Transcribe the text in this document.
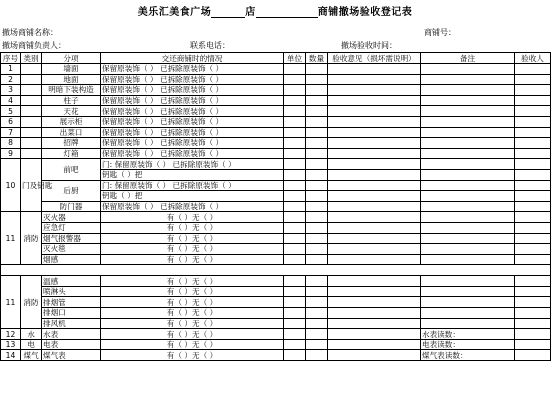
美乐汇美食广场	店	商铺撤场验收登记表
撤场商铺名称：	商铺号：
撤场商铺负责人：	联系电话：	撤场验收时间：
序号	类别	分项	交还商铺时的情况	单位	数量	验收意见（损坏需说明）	备注	验收人
1		墙面	保留原装饰（ ） 已拆除原装饰（ ）					
2		地面	保留原装饰（ ） 已拆除原装饰（ ）					
3		明暗下装构造	保留原装饰（ ） 已拆除原装饰（ ）					
4		柱子	保留原装饰（ ） 已拆除原装饰（ ）					
5		天花	保留原装饰（ ） 已拆除原装饰（ ）					
6		展示柜	保留原装饰（ ） 已拆除原装饰（ ）					
7		出菜口	保留原装饰（ ） 已拆除原装饰（ ）					
8		招牌	保留原装饰（ ） 已拆除原装饰（ ）					
9		灯箱	保留原装饰（ ） 已拆除原装饰（ ）					
10	门及钥匙	前吧	门: 保留原装饰（ ） 已拆除原装饰（ ）					
			钥匙（ ）把					
		后厨	门: 保留原装饰（ ） 已拆除原装饰（ ）					
			钥匙（ ）把					
		防门器	保留原装饰（ ） 已拆除原装饰（ ）					
11	消防	灭火器	有（ ）无（ ）					
		应急灯	有（ ）无（ ）					
		烟气报警器	有（ ）无（ ）					
		灭火毯	有（ ）无（ ）					
		烟感	有（ ）无（ ）					

11	消防	温感	有（ ）无（ ）					
		喷淋头	有（ ）无（ ）					
		排烟管	有（ ）无（ ）					
		排烟口	有（ ）无（ ）					
		排风机	有（ ）无（ ）					
12	水	水表	有（ ）无（ ）				水表读数：	
13	电	电表	有（ ）无（ ）				电表读数：	
14	煤气	煤气表	有（ ）无（ ）				煤气表读数：	
